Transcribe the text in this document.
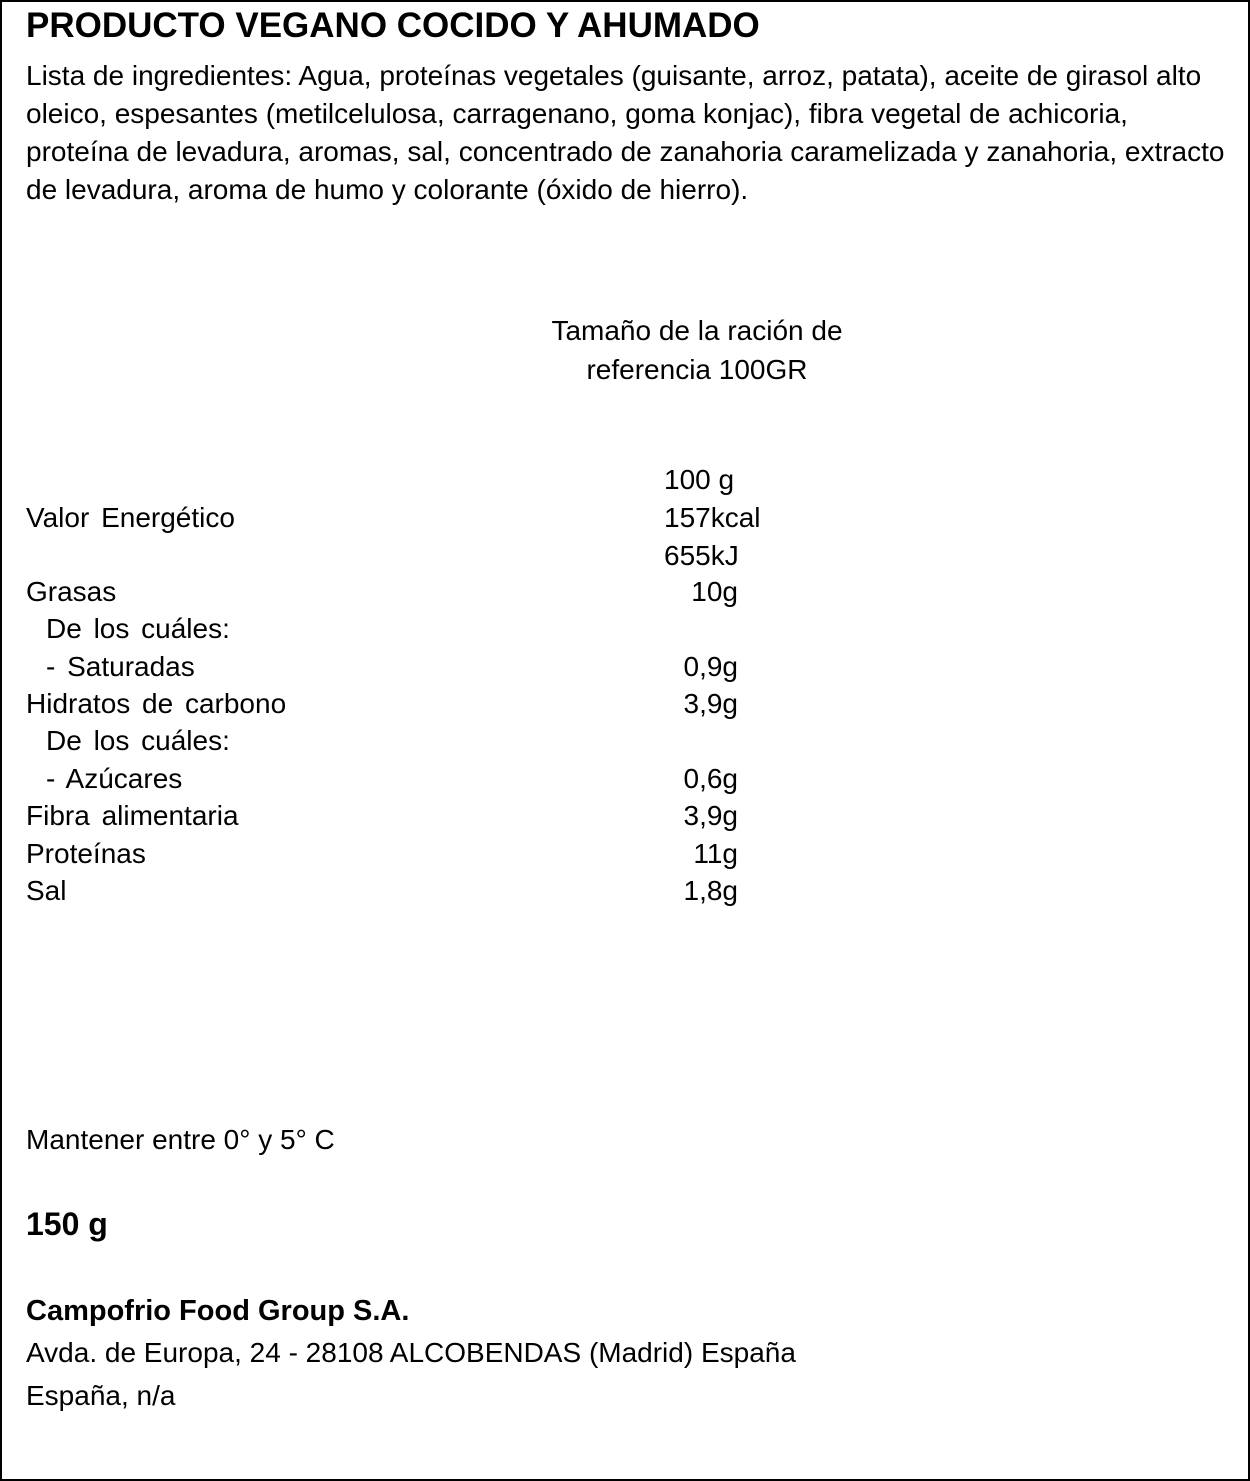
PRODUCTO VEGANO COCIDO Y AHUMADO
Lista de ingredientes: Agua, proteínas vegetales (guisante, arroz, patata), aceite de girasol alto oleico, espesantes (metilcelulosa, carragenano, goma konjac), fibra vegetal de achicoria, proteína de levadura, aromas, sal, concentrado de zanahoria caramelizada y zanahoria, extracto de levadura, aroma de humo y colorante (óxido de hierro).
Tamaño de la ración de
referencia 100GR
100 g
Valor Energético	157kcal
655kJ
Grasas	10g
De los cuáles:
- Saturadas	0,9g
Hidratos de carbono	3,9g
De los cuáles:
- Azúcares	0,6g
Fibra alimentaria	3,9g
Proteínas	11g
Sal	1,8g
Mantener entre 0° y 5° C
150 g
Campofrio Food Group S.A.
Avda. de Europa, 24 - 28108 ALCOBENDAS (Madrid) España
España, n/a
